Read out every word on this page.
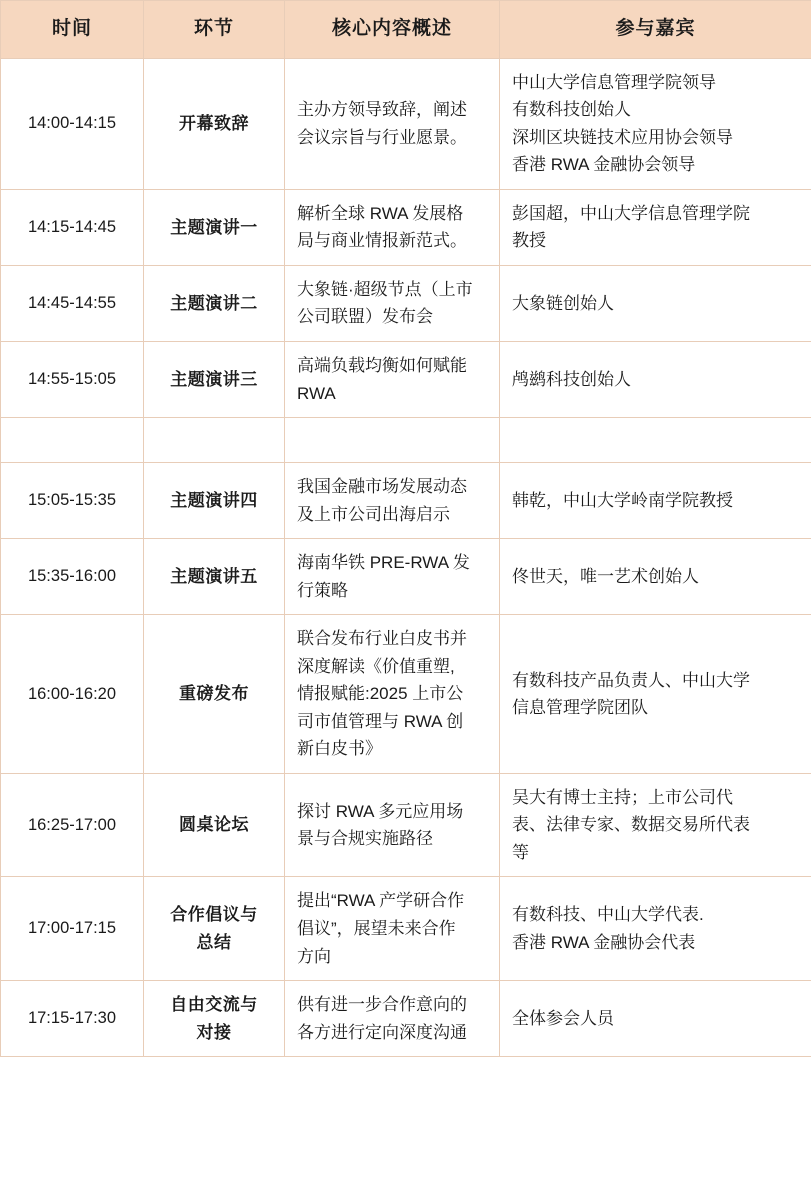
时间	环节	核心内容概述	参与嘉宾

14:00-14:15	开幕致辞	主办方领导致辞，阐述
会议宗旨与行业愿景。	中山大学信息管理学院领导
有数科技创始人
深圳区块链技术应用协会领导
香港 RWA 金融协会领导

14:15-14:45	主题演讲一	解析全球 RWA 发展格
局与商业情报新范式。	彭国超，中山大学信息管理学院
教授

14:45-14:55	主题演讲二	大象链·超级节点（上市
公司联盟）发布会	大象链创始人

14:55-15:05	主题演讲三	高端负载均衡如何赋能
RWA	鸬鹚科技创始人

15:05-15:35	主题演讲四	我国金融市场发展动态
及上市公司出海启示	韩乾，中山大学岭南学院教授

15:35-16:00	主题演讲五	海南华铁 PRE-RWA 发
行策略	佟世天，唯一艺术创始人

16:00-16:20	重磅发布	联合发布行业白皮书并
深度解读《价值重塑,
情报赋能:2025 上市公
司市值管理与 RWA 创
新白皮书》	有数科技产品负责人、中山大学
信息管理学院团队

16:25-17:00	圆桌论坛	探讨 RWA 多元应用场
景与合规实施路径	吴大有博士主持；上市公司代
表、法律专家、数据交易所代表
等

17:00-17:15	合作倡议与
总结	提出“RWA 产学研合作
倡议”，展望未来合作
方向	有数科技、中山大学代表.
香港 RWA 金融协会代表

17:15-17:30	自由交流与
对接	供有进一步合作意向的
各方进行定向深度沟通	全体参会人员
